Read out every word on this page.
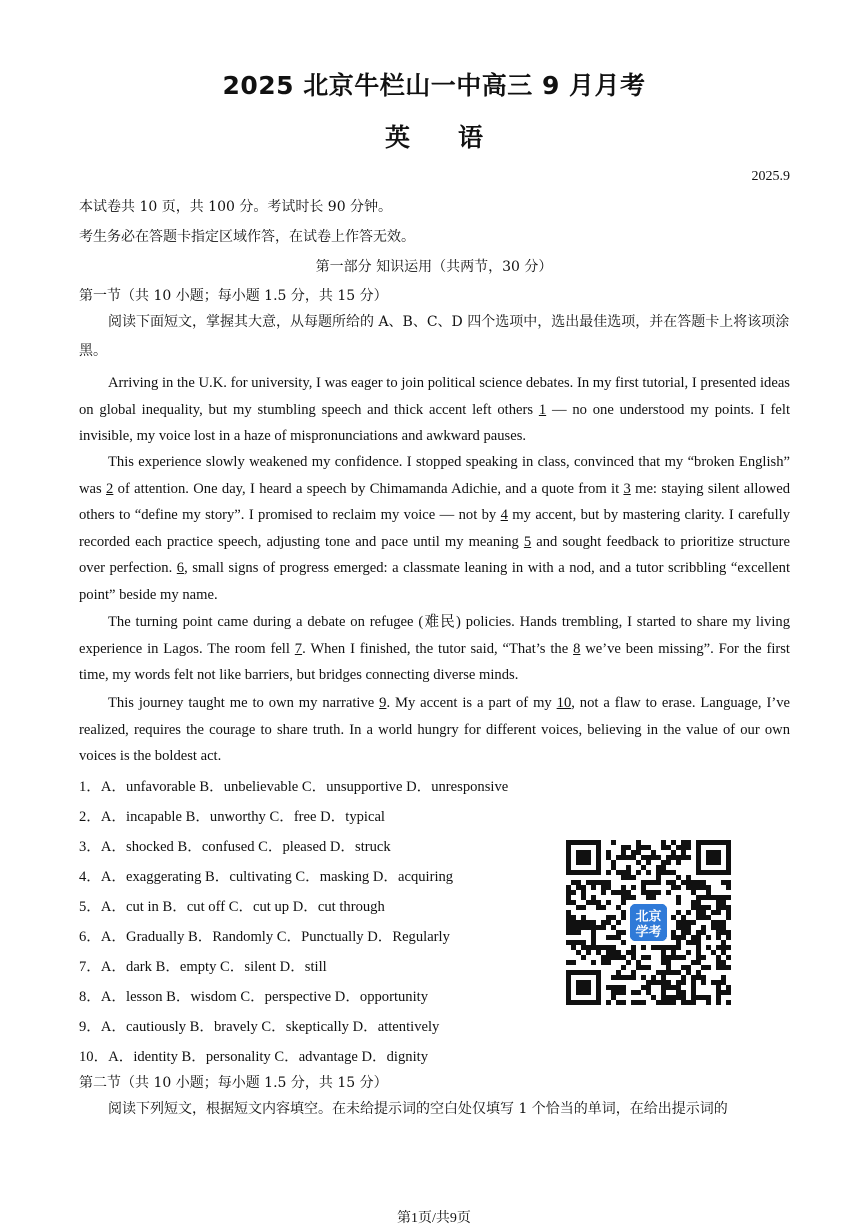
2025 北京牛栏山一中高三 9 月月考
英语
2025.9
本试卷共 10 页，共 100 分。考试时长 90 分钟。
考生务必在答题卡指定区域作答，在试卷上作答无效。
第一部分 知识运用（共两节，30 分）
第一节（共 10 小题；每小题 1.5 分，共 15 分）
阅读下面短文，掌握其大意，从每题所给的 A、B、C、D 四个选项中，选出最佳选项，并在答题卡上将该项涂黑。
Arriving in the U.K. for university, I was eager to join political science debates. In my first tutorial, I presented ideas on global inequality, but my stumbling speech and thick accent left others 1 — no one understood my points. I felt invisible, my voice lost in a haze of mispronunciations and awkward pauses.
This experience slowly weakened my confidence. I stopped speaking in class, convinced that my “broken English” was 2 of attention. One day, I heard a speech by Chimamanda Adichie, and a quote from it 3 me: staying silent allowed others to “define my story”. I promised to reclaim my voice — not by 4 my accent, but by mastering clarity. I carefully recorded each practice speech, adjusting tone and pace until my meaning 5 and sought feedback to prioritize structure over perfection. 6, small signs of progress emerged: a classmate leaning in with a nod, and a tutor scribbling “excellent point” beside my name.
The turning point came during a debate on refugee (难民) policies. Hands trembling, I started to share my living experience in Lagos. The room fell 7. When I finished, the tutor said, “That’s the 8 we’ve been missing”. For the first time, my words felt not like barriers, but bridges connecting diverse minds.
This journey taught me to own my narrative 9. My accent is a part of my 10, not a flaw to erase. Language, I’ve realized, requires the courage to share truth. In a world hungry for different voices, believing in the value of our own voices is the boldest act.
1．A．unfavorable B．unbelievable C．unsupportive D．unresponsive
2．A．incapable B．unworthy C．free D．typical
3．A．shocked B．confused C．pleased D．struck
4．A．exaggerating B．cultivating C．masking D．acquiring
5．A．cut in B．cut off C．cut up D．cut through
6．A．Gradually B．Randomly C．Punctually D．Regularly
7．A．dark B．empty C．silent D．still
8．A．lesson B．wisdom C．perspective D．opportunity
9．A．cautiously B．bravely C．skeptically D．attentively
10．A．identity B．personality C．advantage D．dignity
北京
学考
第二节（共 10 小题；每小题 1.5 分，共 15 分）
阅读下列短文，根据短文内容填空。在未给提示词的空白处仅填写 1 个恰当的单词，在给出提示词的
第1页/共9页
